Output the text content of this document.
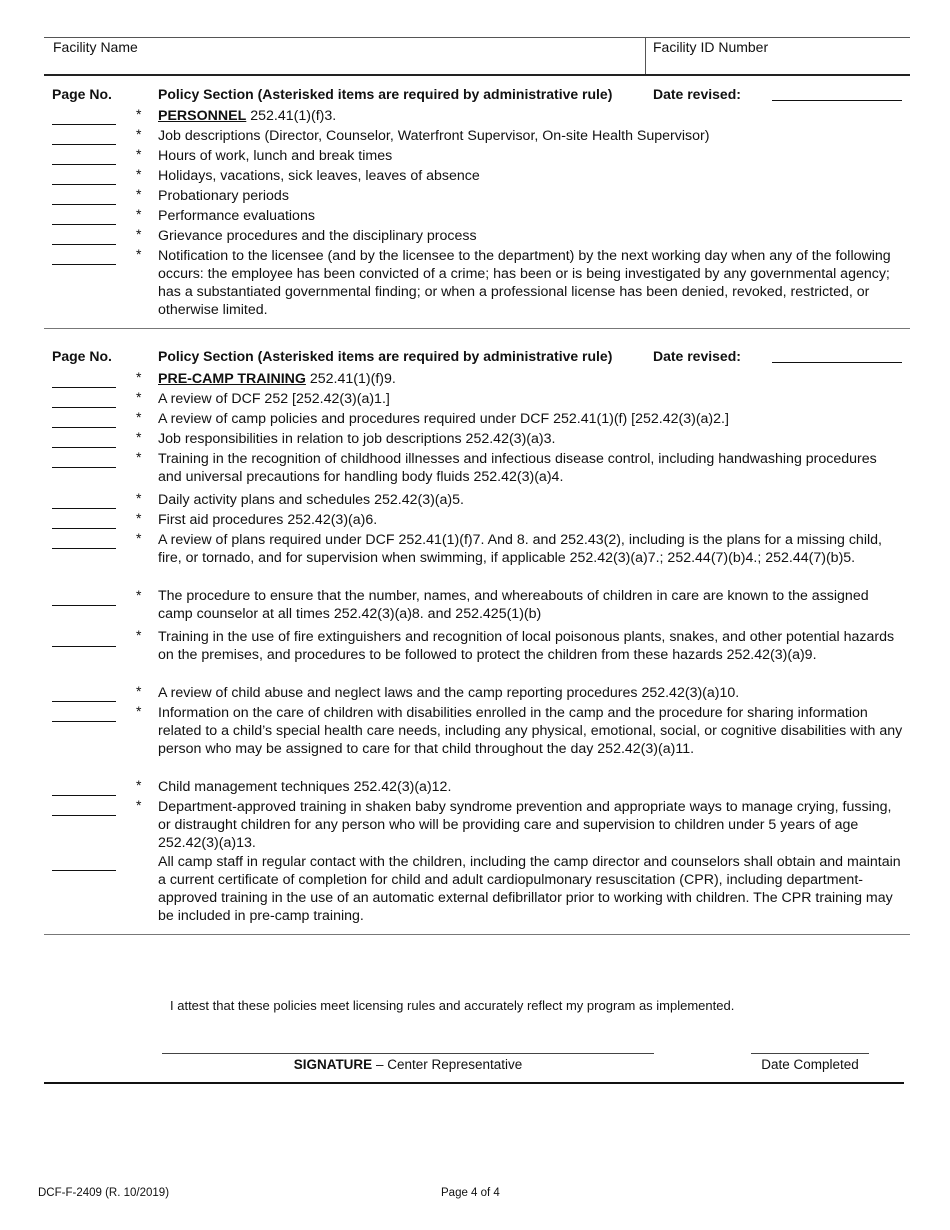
Facility Name	Facility ID Number
Page No.	Policy Section (Asterisked items are required by administrative rule)	Date revised:
* PERSONNEL 252.41(1)(f)3.
* Job descriptions (Director, Counselor, Waterfront Supervisor, On-site Health Supervisor)
* Hours of work, lunch and break times
* Holidays, vacations, sick leaves, leaves of absence
* Probationary periods
* Performance evaluations
* Grievance procedures and the disciplinary process
* Notification to the licensee (and by the licensee to the department) by the next working day when any of the following occurs: the employee has been convicted of a crime; has been or is being investigated by any governmental agency; has a substantiated governmental finding; or when a professional license has been denied, revoked, restricted, or otherwise limited.
Page No.	Policy Section (Asterisked items are required by administrative rule)	Date revised:
* PRE-CAMP TRAINING 252.41(1)(f)9.
* A review of DCF 252 [252.42(3)(a)1.]
* A review of camp policies and procedures required under DCF 252.41(1)(f) [252.42(3)(a)2.]
* Job responsibilities in relation to job descriptions 252.42(3)(a)3.
* Training in the recognition of childhood illnesses and infectious disease control, including handwashing procedures and universal precautions for handling body fluids 252.42(3)(a)4.
* Daily activity plans and schedules 252.42(3)(a)5.
* First aid procedures 252.42(3)(a)6.
* A review of plans required under DCF 252.41(1)(f)7. And 8. and 252.43(2), including is the plans for a missing child, fire, or tornado, and for supervision when swimming, if applicable 252.42(3)(a)7.; 252.44(7)(b)4.; 252.44(7)(b)5.
* The procedure to ensure that the number, names, and whereabouts of children in care are known to the assigned camp counselor at all times 252.42(3)(a)8. and 252.425(1)(b)
* Training in the use of fire extinguishers and recognition of local poisonous plants, snakes, and other potential hazards on the premises, and procedures to be followed to protect the children from these hazards 252.42(3)(a)9.
* A review of child abuse and neglect laws and the camp reporting procedures 252.42(3)(a)10.
* Information on the care of children with disabilities enrolled in the camp and the procedure for sharing information related to a child’s special health care needs, including any physical, emotional, social, or cognitive disabilities with any person who may be assigned to care for that child throughout the day 252.42(3)(a)11.
* Child management techniques 252.42(3)(a)12.
* Department-approved training in shaken baby syndrome prevention and appropriate ways to manage crying, fussing, or distraught children for any person who will be providing care and supervision to children under 5 years of age 252.42(3)(a)13.
All camp staff in regular contact with the children, including the camp director and counselors shall obtain and maintain a current certificate of completion for child and adult cardiopulmonary resuscitation (CPR), including department-approved training in the use of an automatic external defibrillator prior to working with children. The CPR training may be included in pre-camp training.
I attest that these policies meet licensing rules and accurately reflect my program as implemented.
SIGNATURE – Center Representative	Date Completed
DCF-F-2409 (R. 10/2019)	Page 4 of 4
